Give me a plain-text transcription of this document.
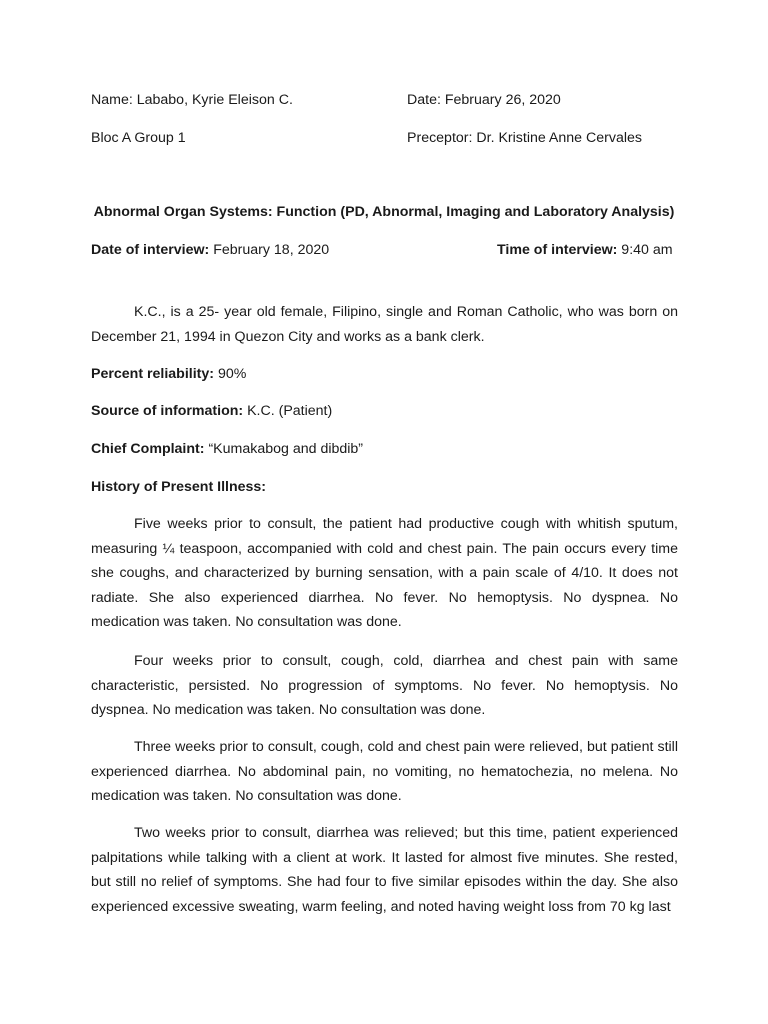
Name: Lababo, Kyrie Eleison C.	Date: February 26, 2020
Bloc A Group 1	Preceptor: Dr. Kristine Anne Cervales
Abnormal Organ Systems: Function (PD, Abnormal, Imaging and Laboratory Analysis)
Date of interview: February 18, 2020	Time of interview: 9:40 am

K.C., is a 25- year old female, Filipino, single and Roman Catholic, who was born on December 21, 1994 in Quezon City and works as a bank clerk.

Percent reliability: 90%
Source of information: K.C. (Patient)
Chief Complaint: “Kumakabog and dibdib”
History of Present Illness:

Five weeks prior to consult, the patient had productive cough with whitish sputum, measuring ¼ teaspoon, accompanied with cold and chest pain. The pain occurs every time she coughs, and characterized by burning sensation, with a pain scale of 4/10. It does not radiate. She also experienced diarrhea. No fever. No hemoptysis. No dyspnea. No medication was taken. No consultation was done.

Four weeks prior to consult, cough, cold, diarrhea and chest pain with same characteristic, persisted. No progression of symptoms. No fever. No hemoptysis. No dyspnea. No medication was taken. No consultation was done.

Three weeks prior to consult, cough, cold and chest pain were relieved, but patient still experienced diarrhea. No abdominal pain, no vomiting, no hematochezia, no melena. No medication was taken. No consultation was done.

Two weeks prior to consult, diarrhea was relieved; but this time, patient experienced palpitations while talking with a client at work. It lasted for almost five minutes. She rested, but still no relief of symptoms. She had four to five similar episodes within the day. She also experienced excessive sweating, warm feeling, and noted having weight loss from 70 kg last
